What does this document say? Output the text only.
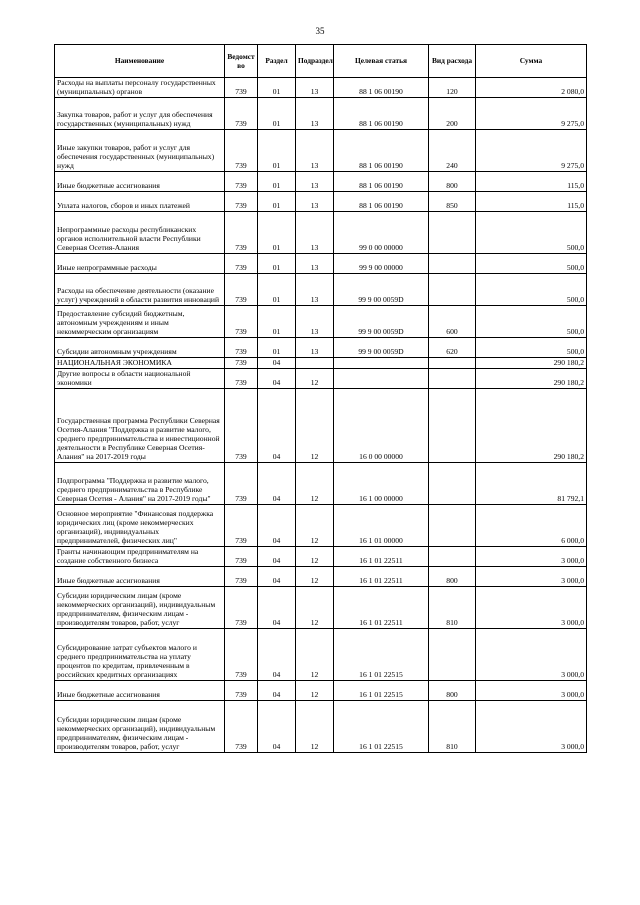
35
Наименование	Ведомст во	Раздел	Подраздел	Целевая статья	Вид расхода	Сумма
Расходы на выплаты персоналу государственных (муниципальных) органов	739	01	13	88 1 06 00190	120	2 080,0
Закупка товаров, работ и услуг для обеспечения государственных (муниципальных) нужд	739	01	13	88 1 06 00190	200	9 275,0
Иные закупки товаров, работ и услуг для обеспечения государственных (муниципальных) нужд	739	01	13	88 1 06 00190	240	9 275,0
Иные бюджетные ассигнования	739	01	13	88 1 06 00190	800	115,0
Уплата налогов, сборов и иных платежей	739	01	13	88 1 06 00190	850	115,0
Непрограммные расходы республиканских органов исполнительной власти Республики Северная Осетия-Алания	739	01	13	99 0 00 00000		500,0
Иные непрограммные расходы	739	01	13	99 9 00 00000		500,0
Расходы на обеспечение деятельности (оказание услуг) учреждений в области развития инноваций	739	01	13	99 9 00 0059D		500,0
Предоставление субсидий бюджетным, автономным учреждениям и иным некоммерческим организациям	739	01	13	99 9 00 0059D	600	500,0
Субсидии автономным учреждениям	739	01	13	99 9 00 0059D	620	500,0
НАЦИОНАЛЬНАЯ ЭКОНОМИКА	739	04				290 180,2
Другие вопросы в области национальной экономики	739	04	12			290 180,2
Государственная программа Республики Северная Осетия-Алания "Поддержка и развитие малого, среднего предпринимательства и инвестиционной деятельности в Республике Северная Осетия-Алания" на 2017-2019 годы	739	04	12	16 0 00 00000		290 180,2
Подпрограмма "Поддержка и развитие малого, среднего предпринимательства в Республике Северная Осетия - Алания" на 2017-2019 годы"	739	04	12	16 1 00 00000		81 792,1
Основное мероприятие "Финансовая поддержка юридических лиц (кроме некоммерческих организаций), индивидуальных предпринимателей, физических лиц"	739	04	12	16 1 01 00000		6 000,0
Гранты начинающим предпринимателям на создание собственного бизнеса	739	04	12	16 1 01 22511		3 000,0
Иные бюджетные ассигнования	739	04	12	16 1 01 22511	800	3 000,0
Субсидии юридическим лицам (кроме некоммерческих организаций), индивидуальным предпринимателям, физическим лицам - производителям товаров, работ, услуг	739	04	12	16 1 01 22511	810	3 000,0
Субсидирование затрат субъектов малого и среднего предпринимательства на уплату процентов по кредитам, привлеченным в российских кредитных организациях	739	04	12	16 1 01 22515		3 000,0
Иные бюджетные ассигнования	739	04	12	16 1 01 22515	800	3 000,0
Субсидии юридическим лицам (кроме некоммерческих организаций), индивидуальным предпринимателям, физическим лицам - производителям товаров, работ, услуг	739	04	12	16 1 01 22515	810	3 000,0
